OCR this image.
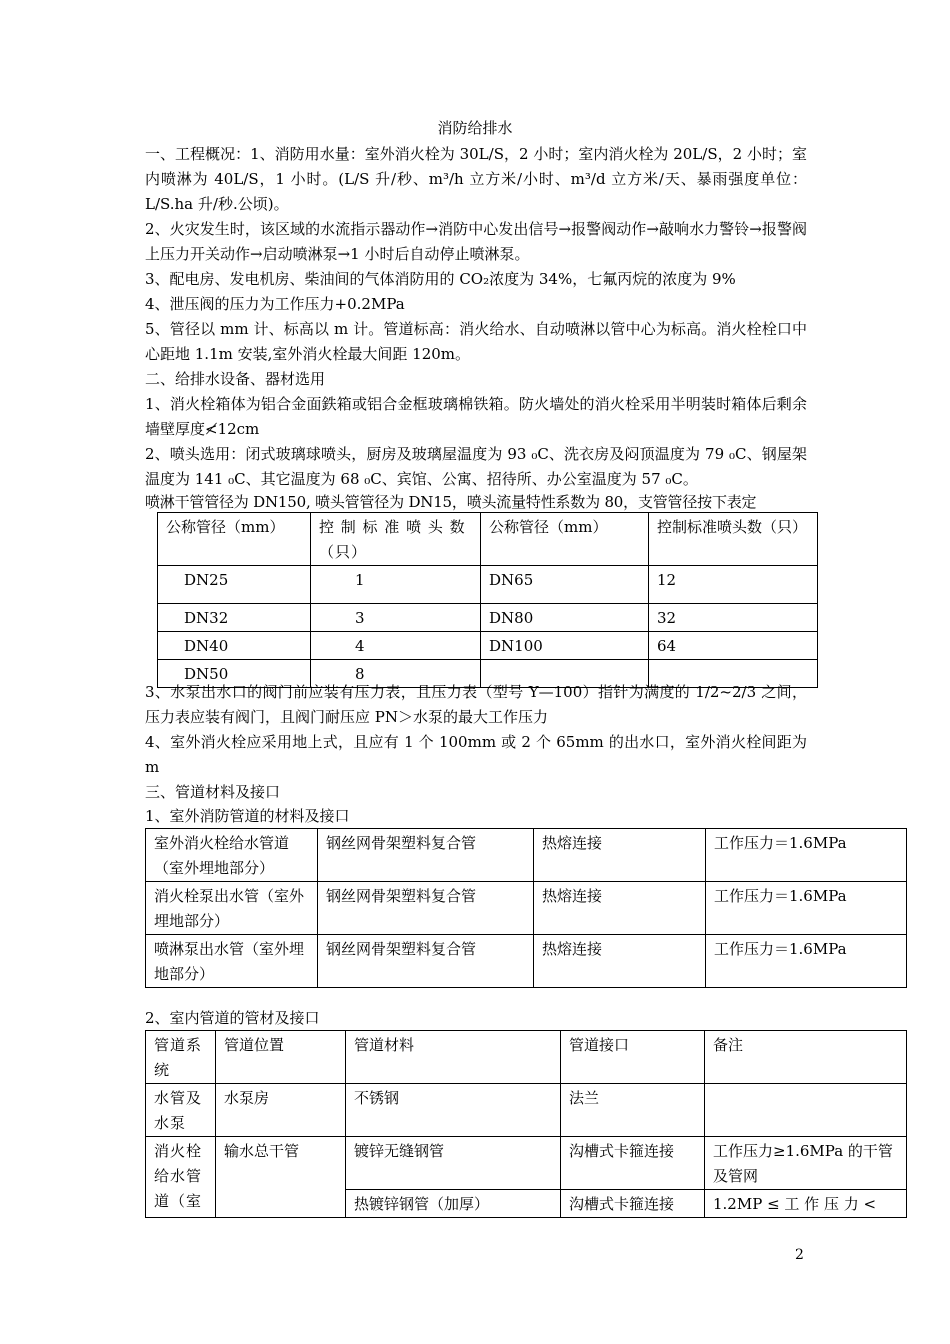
消防给排水
一、工程概况：1、消防用水量：室外消火栓为 30L/S，2 小时；室内消火栓为 20L/S，2 小时；室内喷淋为 40L/S，1 小时。(L/S 升/秒、m³/h 立方米/小时、m³/d 立方米/天、暴雨强度单位：L/S.ha 升/秒.公顷)。
2、火灾发生时，该区域的水流指示器动作→消防中心发出信号→报警阀动作→敲响水力警铃→报警阀上压力开关动作→启动喷淋泵→1 小时后自动停止喷淋泵。
3、配电房、发电机房、柴油间的气体消防用的 CO₂浓度为 34%，七氟丙烷的浓度为 9%
4、泄压阀的压力为工作压力+0.2MPa
5、管径以 mm 计、标高以 m 计。管道标高：消火给水、自动喷淋以管中心为标高。消火栓栓口中心距地 1.1m 安装,室外消火栓最大间距 120m。
二、给排水设备、器材选用
1、消火栓箱体为铝合金面鉄箱或铝合金框玻璃棉铁箱。防火墙处的消火栓采用半明装时箱体后剩余墙壁厚度≮12cm
2、喷头选用：闭式玻璃球喷头，厨房及玻璃屋温度为 93 ₀C、洗衣房及闷顶温度为 79 ₀C、钢屋架温度为 141 ₀C、其它温度为 68 ₀C、宾馆、公寓、招待所、办公室温度为 57 ₀C。
喷淋干管管径为 DN150, 喷头管管径为 DN15，喷头流量特性系数为 80，支管管径按下表定
公称管径（mm）	控 制 标 准 喷 头 数（只）	公称管径（mm）	控制标准喷头数（只）
DN25	1	DN65	12
DN32	3	DN80	32
DN40	4	DN100	64
DN50	8		
3、水泵出水口的阀门前应装有压力表，且压力表（型号 Y—100）指针为满度的 1/2~2/3 之间，压力表应装有阀门，且阀门耐压应 PN＞水泵的最大工作压力
4、室外消火栓应采用地上式，且应有 1 个 100mm 或 2 个 65mm 的出水口，室外消火栓间距为 m
三、管道材料及接口
1、室外消防管道的材料及接口
室外消火栓给水管道（室外埋地部分）	钢丝网骨架塑料复合管	热熔连接	工作压力＝1.6MPa
消火栓泵出水管（室外埋地部分）	钢丝网骨架塑料复合管	热熔连接	工作压力＝1.6MPa
喷淋泵出水管（室外埋地部分）	钢丝网骨架塑料复合管	热熔连接	工作压力＝1.6MPa
2、室内管道的管材及接口
管道系统	管道位置	管道材料	管道接口	备注
水管及水泵	水泵房	不锈钢	法兰	
消火栓给水管道（室	输水总干管	镀锌无缝钢管	沟槽式卡箍连接	工作压力≥1.6MPa 的干管及管网
		热镀锌钢管（加厚）	沟槽式卡箍连接	1.2MP ≤ 工 作 压 力 <
2
